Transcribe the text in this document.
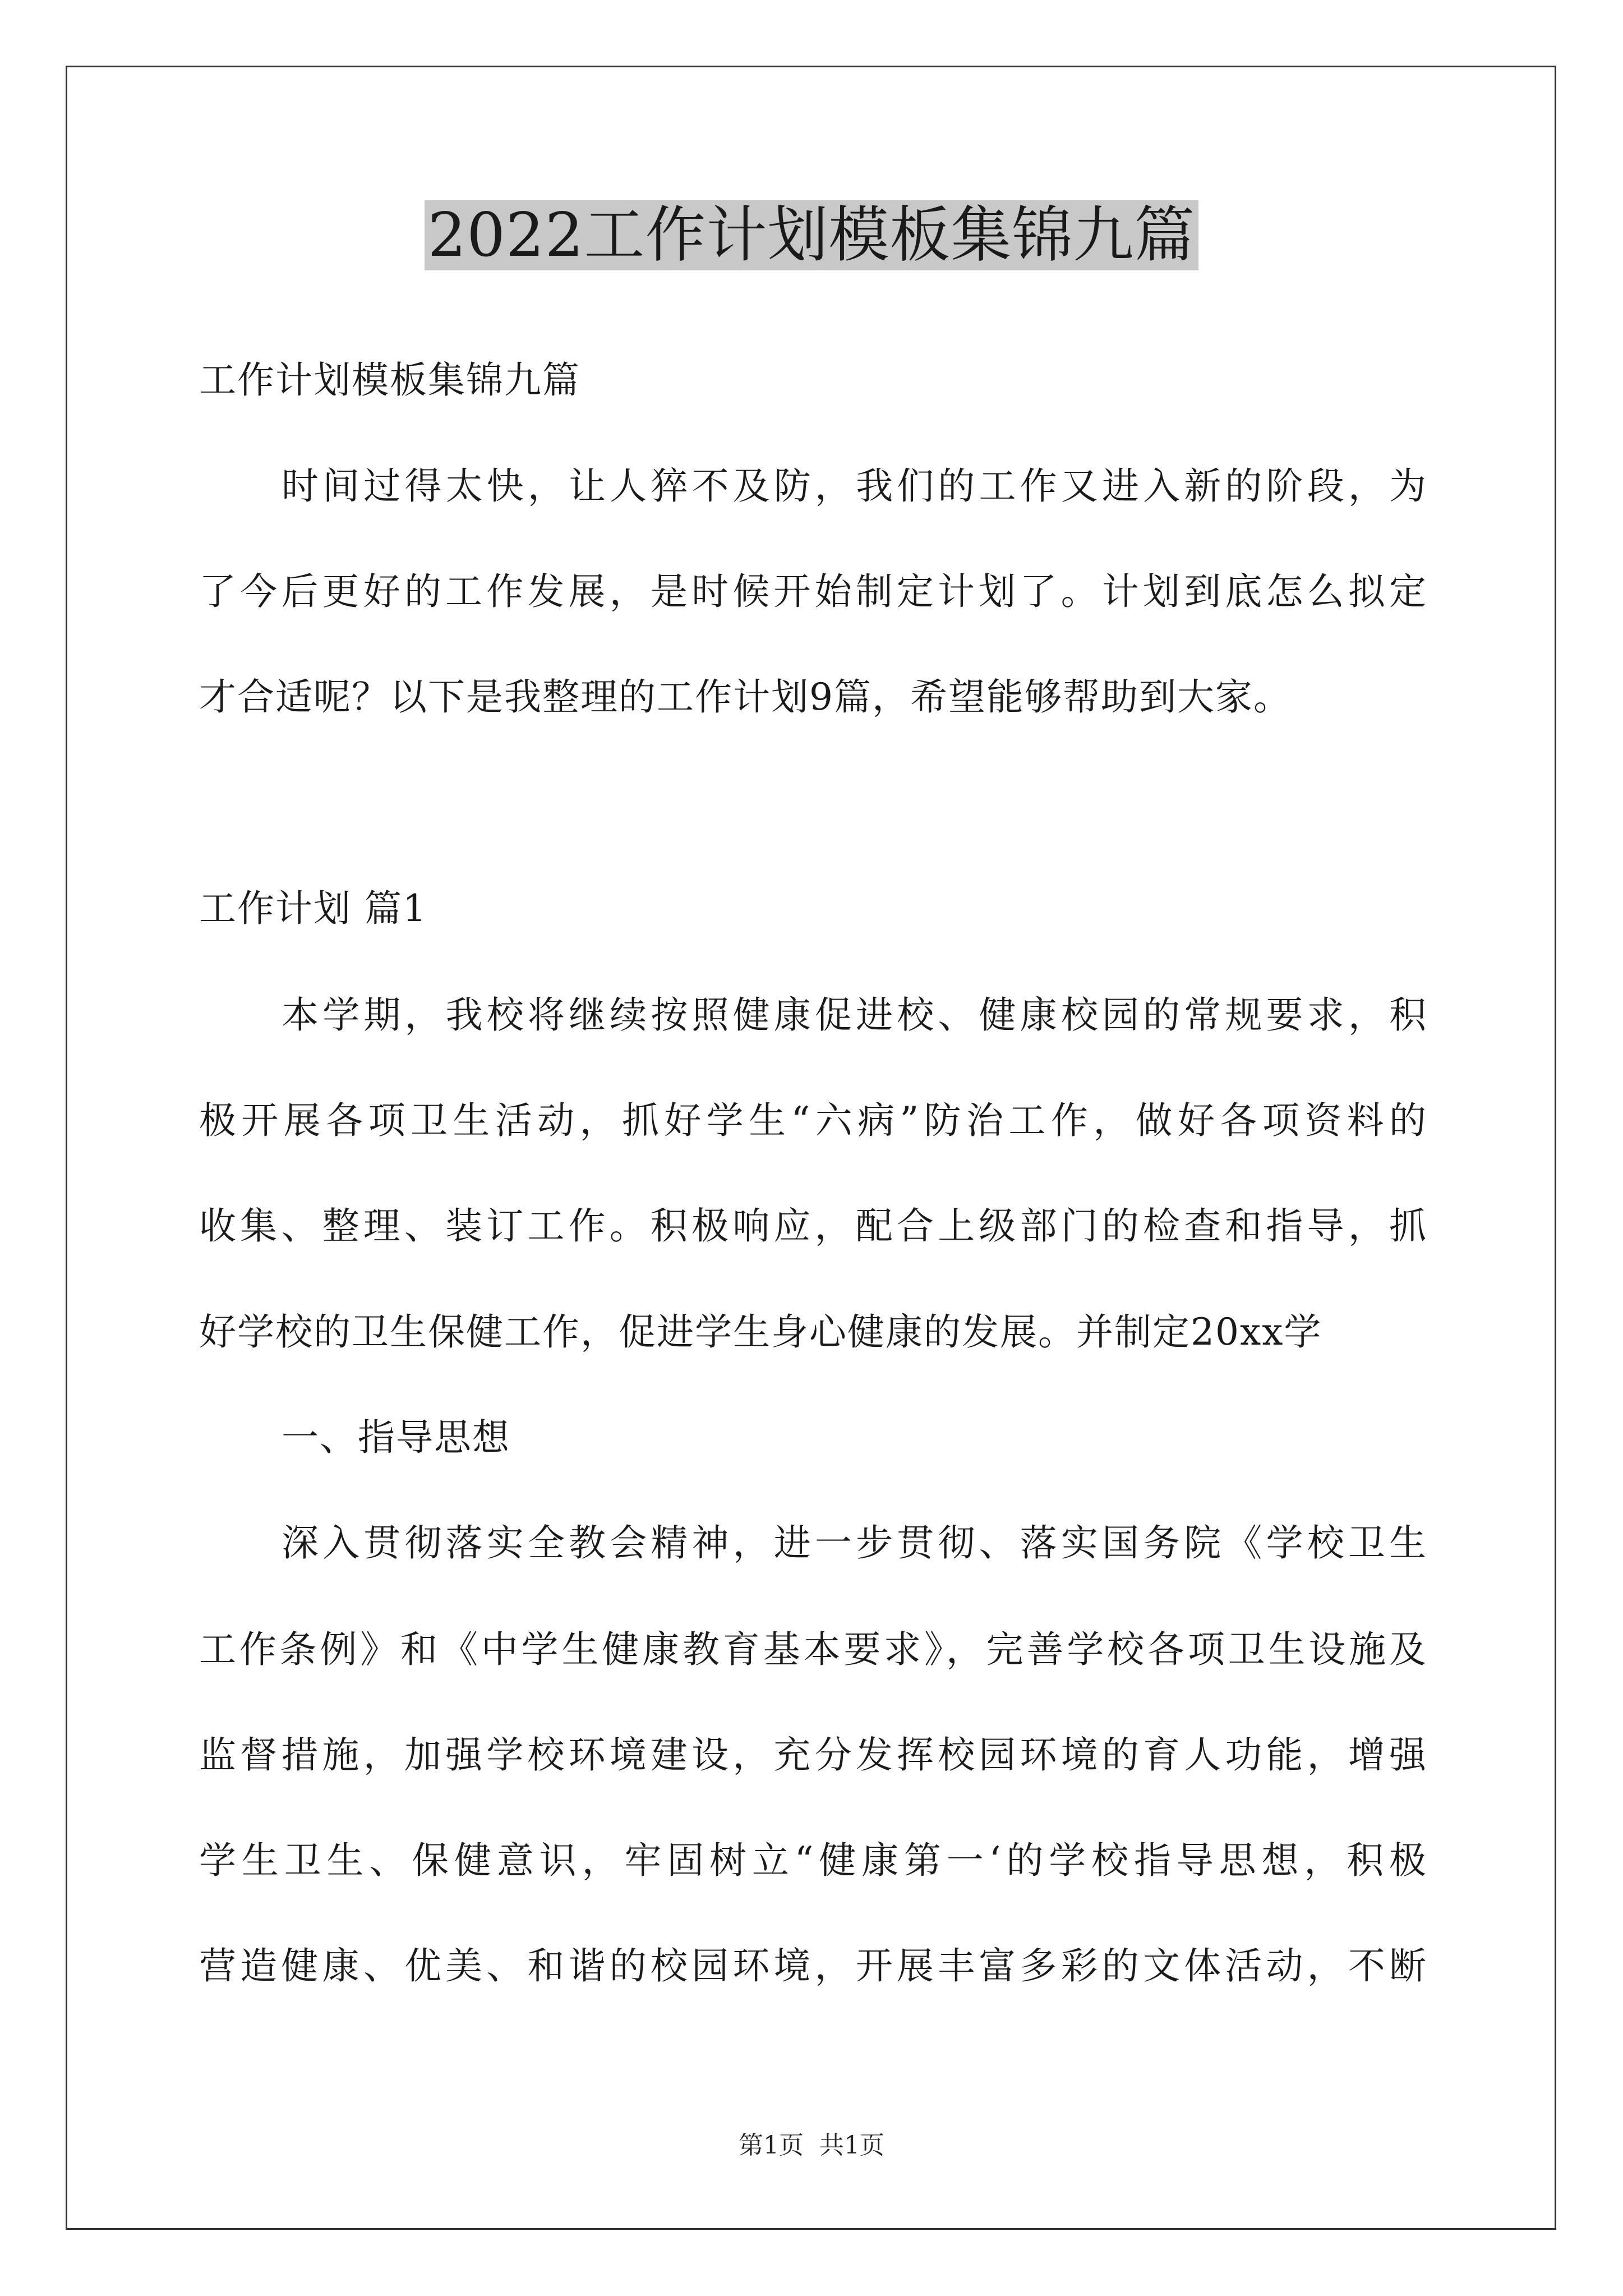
2022工作计划模板集锦九篇
工作计划模板集锦九篇
时间过得太快，让人猝不及防，我们的工作又进入新的阶段，为
了今后更好的工作发展，是时候开始制定计划了。计划到底怎么拟定
才合适呢？以下是我整理的工作计划9篇，希望能够帮助到大家。
工作计划 篇1
本学期，我校将继续按照健康促进校、健康校园的常规要求，积
极开展各项卫生活动，抓好学生“六病”防治工作，做好各项资料的
收集、整理、装订工作。积极响应，配合上级部门的检查和指导，抓
好学校的卫生保健工作，促进学生身心健康的发展。并制定20xx学
一、指导思想
深入贯彻落实全教会精神，进一步贯彻、落实国务院《学校卫生
工作条例》和《中学生健康教育基本要求》，完善学校各项卫生设施及
监督措施，加强学校环境建设，充分发挥校园环境的育人功能，增强
学生卫生、保健意识，牢固树立“健康第一‘的学校指导思想，积极
营造健康、优美、和谐的校园环境，开展丰富多彩的文体活动，不断
第1页 共1页
